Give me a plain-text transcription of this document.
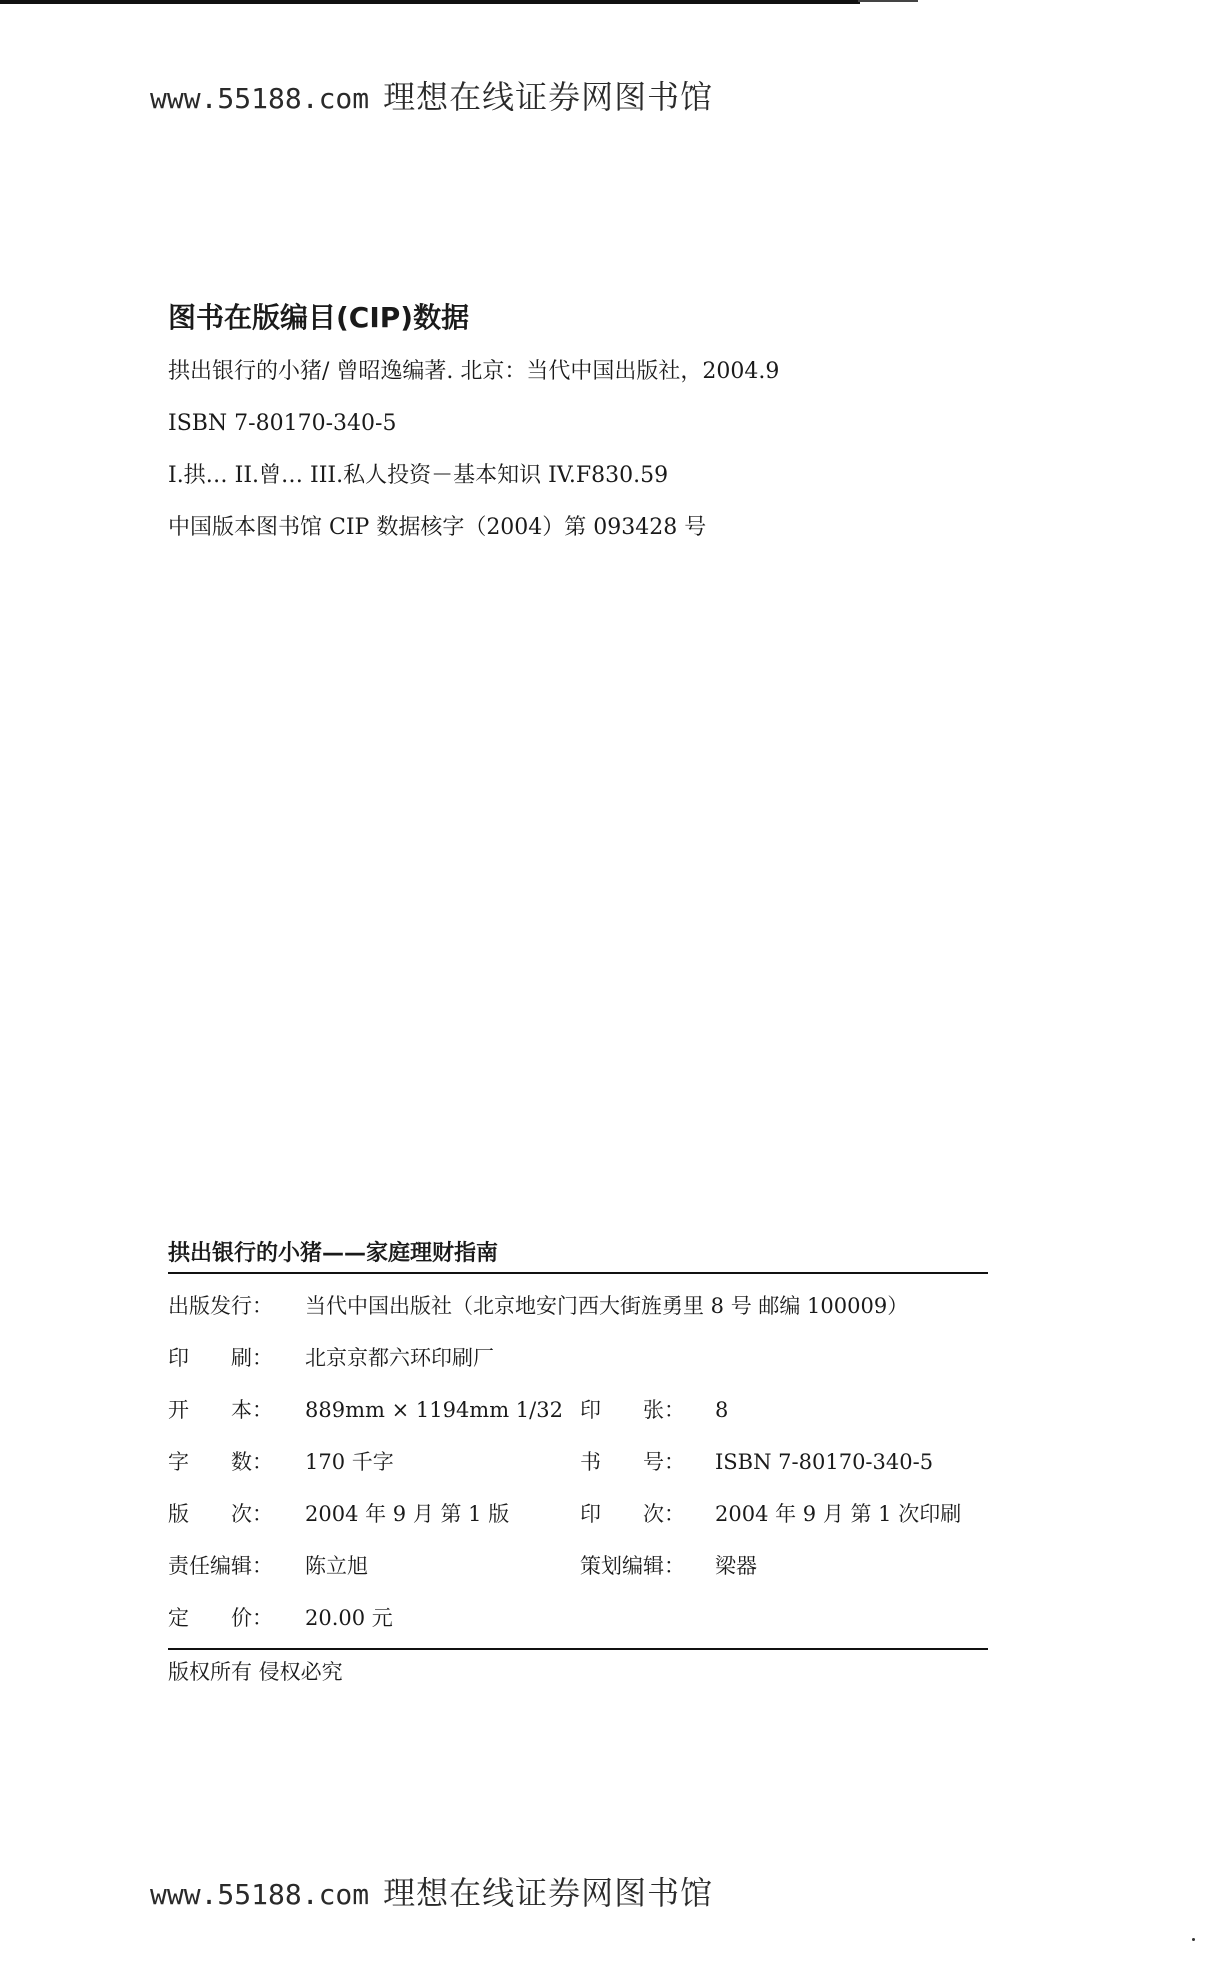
www.55188.com 理想在线证券网图书馆
图书在版编目(CIP)数据
拱出银行的小猪/ 曾昭逸编著. 北京：当代中国出版社，2004.9
ISBN 7-80170-340-5
I.拱… II.曾… III.私人投资－基本知识 IV.F830.59
中国版本图书馆 CIP 数据核字（2004）第 093428 号
拱出银行的小猪——家庭理财指南
出版发行： 当代中国出版社（北京地安门西大街旌勇里 8 号 邮编 100009）
印　　刷： 北京京都六环印刷厂
开　　本： 889mm × 1194mm 1/32 印　　张： 8
字　　数： 170 千字	书　　号： ISBN 7-80170-340-5
版　　次： 2004 年 9 月 第 1 版	印　　次： 2004 年 9 月 第 1 次印刷
责任编辑： 陈立旭	策划编辑： 梁器
定　　价： 20.00 元
版权所有 侵权必究
www.55188.com 理想在线证券网图书馆
